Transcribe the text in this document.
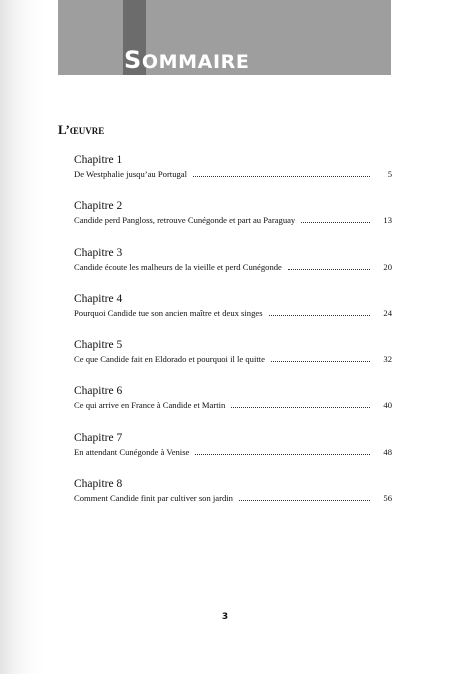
SOMMAIRE
L’œuvre
Chapitre 1
De Westphalie jusqu’au Portugal	5
Chapitre 2
Candide perd Pangloss, retrouve Cunégonde et part au Paraguay	13
Chapitre 3
Candide écoute les malheurs de la vieille et perd Cunégonde	20
Chapitre 4
Pourquoi Candide tue son ancien maître et deux singes	24
Chapitre 5
Ce que Candide fait en Eldorado et pourquoi il le quitte	32
Chapitre 6
Ce qui arrive en France à Candide et Martin	40
Chapitre 7
En attendant Cunégonde à Venise	48
Chapitre 8
Comment Candide finit par cultiver son jardin	56
3
